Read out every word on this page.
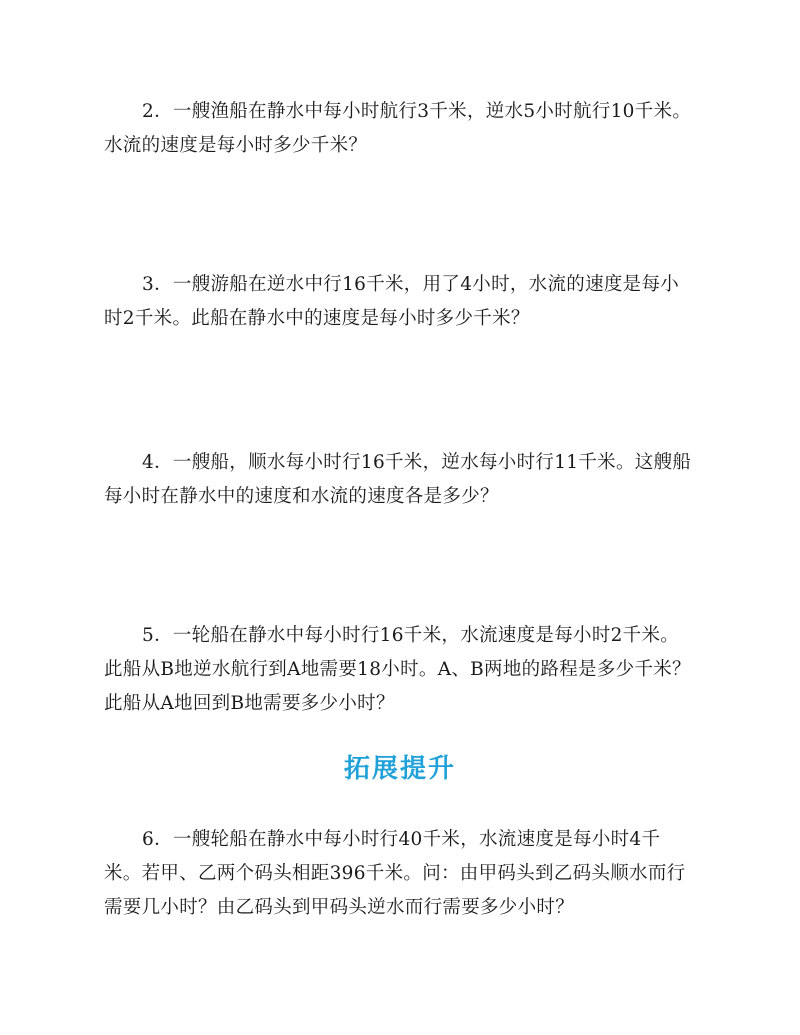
2．一艘渔船在静水中每小时航行3千米，逆水5小时航行10千米。

水流的速度是每小时多少千米？

3．一艘游船在逆水中行16千米，用了4小时，水流的速度是每小

时2千米。此船在静水中的速度是每小时多少千米？

4．一艘船，顺水每小时行16千米，逆水每小时行11千米。这艘船

每小时在静水中的速度和水流的速度各是多少？

5．一轮船在静水中每小时行16千米，水流速度是每小时2千米。

此船从B地逆水航行到A地需要18小时。A、B两地的路程是多少千米？

此船从A地回到B地需要多少小时？

拓展提升

6．一艘轮船在静水中每小时行40千米，水流速度是每小时4千

米。若甲、乙两个码头相距396千米。问：由甲码头到乙码头顺水而行

需要几小时？由乙码头到甲码头逆水而行需要多少小时？
